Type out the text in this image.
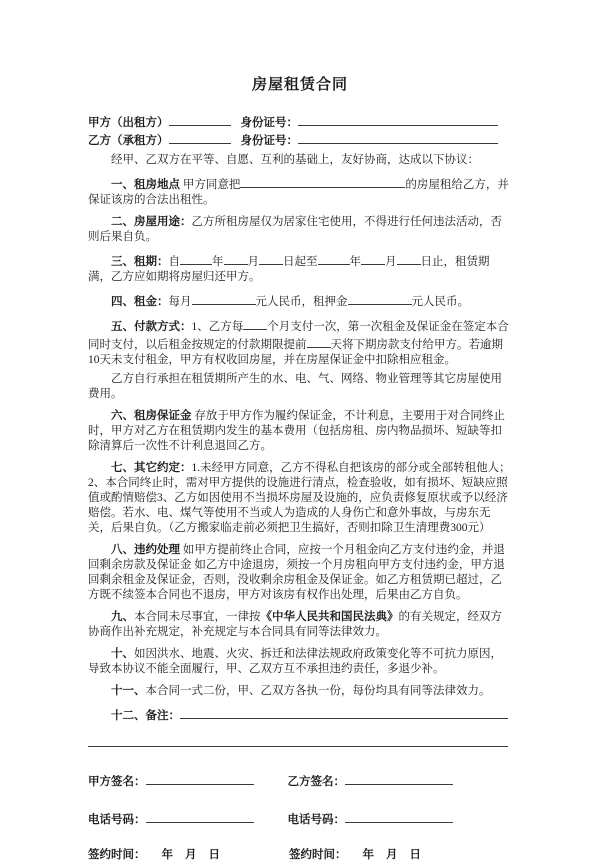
房屋租赁合同

甲方（出租方）	身份证号：

乙方（承租方）	身份证号：

经甲、乙双方在平等、自愿、互利的基础上，友好协商，达成以下协议：

一、租房地点 甲方同意把	的房屋租给乙方，并保证该房的合法出租性。

二、房屋用途：乙方所租房屋仅为居家住宅使用，不得进行任何违法活动，否则后果自负。

三、租期：自	年 月 日起至	年 月 日止，租赁期满，乙方应如期将房屋归还甲方。

四、租金：每月	元人民币，租押金	元人民币。

五、付款方式：1、乙方每 个月支付一次，第一次租金及保证金在签定本合同时支付，以后租金按规定的付款期限提前 天将下期房款支付给甲方。若逾期10天未支付租金，甲方有权收回房屋，并在房屋保证金中扣除相应租金。

乙方自行承担在租赁期所产生的水、电、气、网络、物业管理等其它房屋使用费用。

六、租房保证金 存放于甲方作为履约保证金，不计利息，主要用于对合同终止时，甲方对乙方在租赁期内发生的基本费用（包括房租、房内物品损坏、短缺等扣除清算后一次性不计利息退回乙方。

七、其它约定：1.未经甲方同意，乙方不得私自把该房的部分或全部转租他人；2、本合同终止时，需对甲方提供的设施进行清点，检查验收，如有损坏、短缺应照值或酌情赔偿3、乙方如因使用不当损坏房屋及设施的，应负责修复原状或予以经济赔偿。若水、电、煤气等使用不当或人为造成的人身伤亡和意外事故，与房东无关，后果自负。（乙方搬家临走前必须把卫生搞好，否则扣除卫生清理费300元）

八、违约处理 如甲方提前终止合同，应按一个月租金向乙方支付违约金，并退回剩余房款及保证金 如乙方中途退房，须按一个月房租向甲方支付违约金，甲方退回剩余租金及保证金，否则，没收剩余房租金及保证金。如乙方租赁期已超过，乙方既不续签本合同也不退房，甲方对该房有权作出处理，后果由乙方自负。

九、本合同未尽事宜，一律按《中华人民共和国民法典》的有关规定，经双方协商作出补充规定，补充规定与本合同具有同等法律效力。

十、如因洪水、地震、火灾、拆迁和法律法规政府政策变化等不可抗力原因，导致本协议不能全面履行，甲、乙双方互不承担违约责任，多退少补。

十一、本合同一式二份，甲、乙双方各执一份，每份均具有同等法律效力。

十二、备注：

甲方签名：	乙方签名：

电话号码：	电话号码：

签约时间： 年 月 日	签约时间： 年 月 日
